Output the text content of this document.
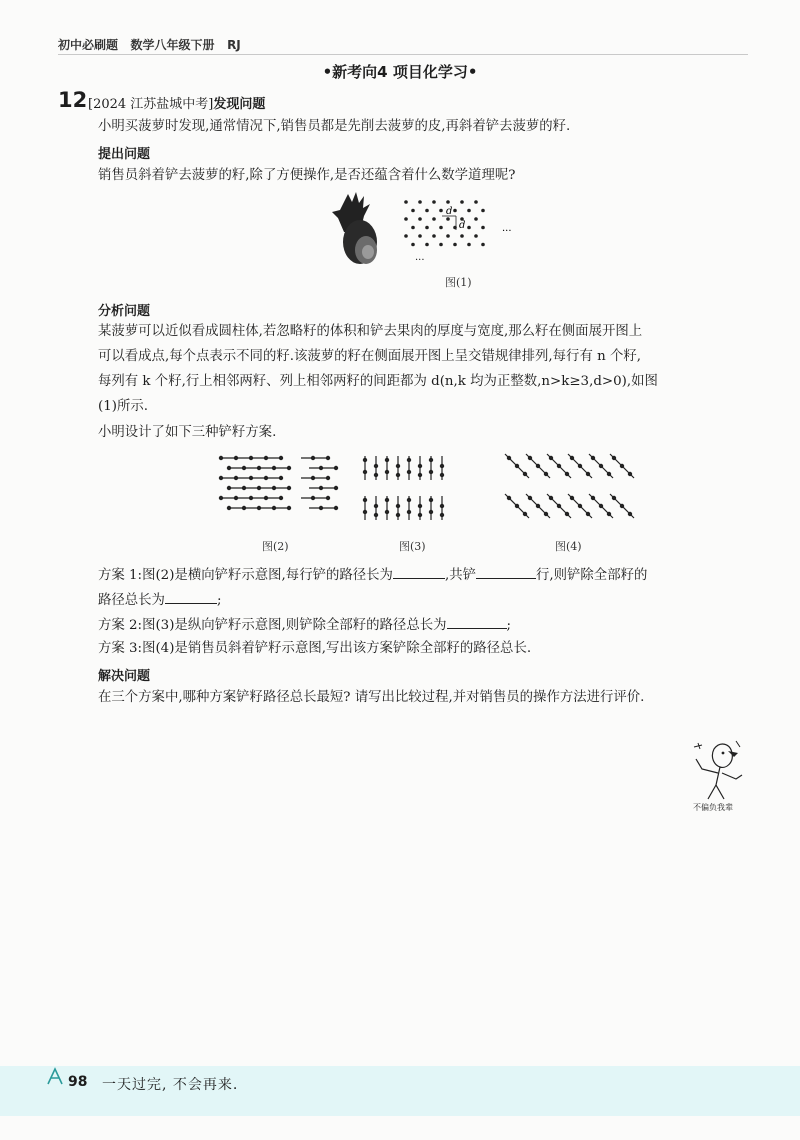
初中必刷题   数学八年级下册   RJ
•新考向4 项目化学习•
12 [2024 江苏盐城中考]发现问题
小明买菠萝时发现,通常情况下,销售员都是先削去菠萝的皮,再斜着铲去菠萝的籽.
提出问题
销售员斜着铲去菠萝的籽,除了方便操作,是否还蕴含着什么数学道理呢?
d
d
···
···
图(1)
分析问题
某菠萝可以近似看成圆柱体,若忽略籽的体积和铲去果肉的厚度与宽度,那么籽在侧面展开图上
可以看成点,每个点表示不同的籽.该菠萝的籽在侧面展开图上呈交错规律排列,每行有 n 个籽,
每列有 k 个籽,行上相邻两籽、列上相邻两籽的间距都为 d(n,k 均为正整数,n>k≥3,d>0),如图
(1)所示.
小明设计了如下三种铲籽方案.
图(2)	图(3)	图(4)
方案 1:图(2)是横向铲籽示意图,每行铲的路径长为	,共铲	行,则铲除全部籽的
路径总长为	;
方案 2:图(3)是纵向铲籽示意图,则铲除全部籽的路径总长为	;
方案 3:图(4)是销售员斜着铲籽示意图,写出该方案铲除全部籽的路径总长.
解决问题
在三个方案中,哪种方案铲籽路径总长最短? 请写出比较过程,并对销售员的操作方法进行评价.
不偏负我辈
98 一天过完, 不会再来.
